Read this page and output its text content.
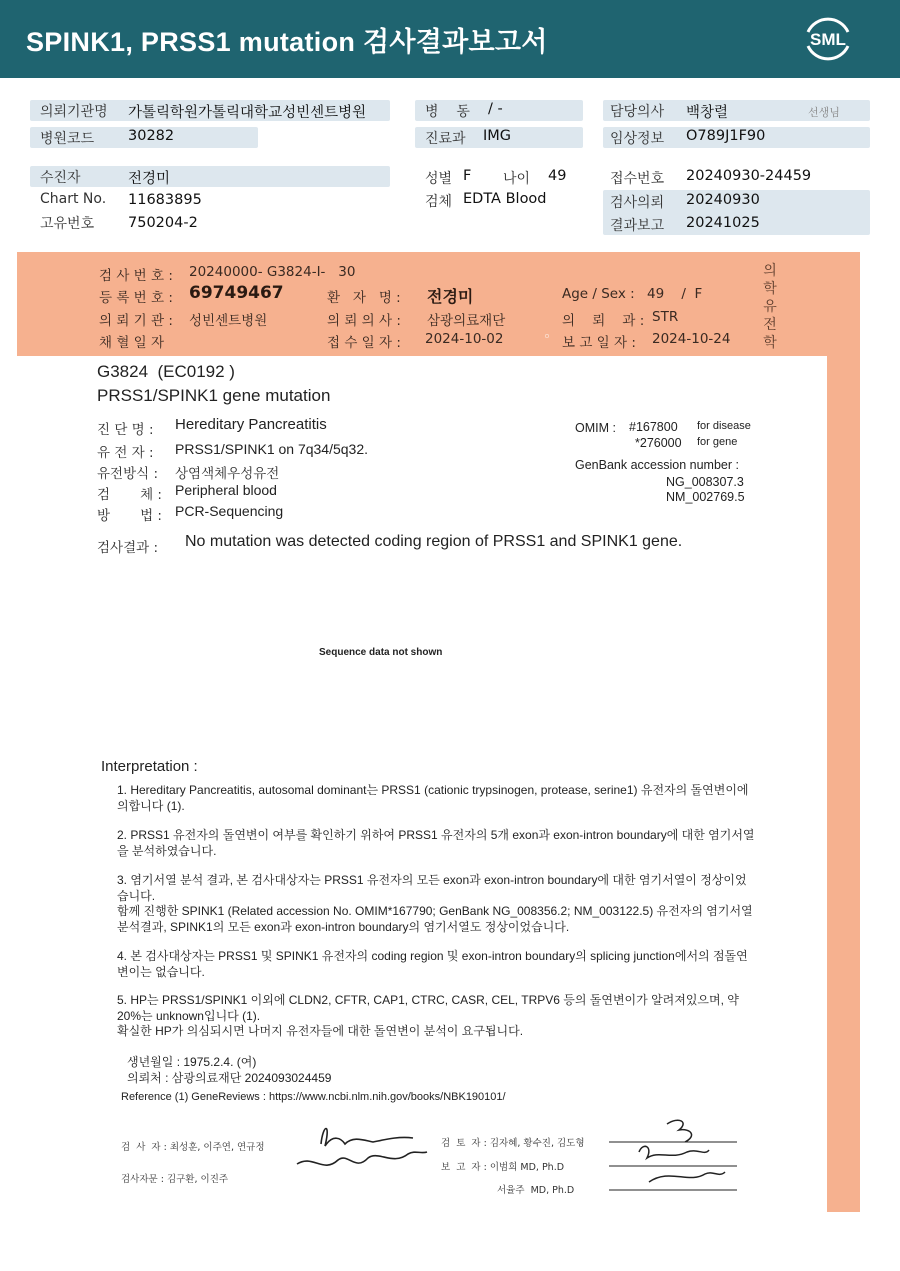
SPINK1, PRSS1 mutation 검사결과보고서	SML
의뢰기관명 가톨릭학원가톨릭대학교성빈센트병원	병    동 / -	담당의사 백창렬	선생님
병원코드 30282	진료과 IMG	임상정보 O789J1F90
수진자	전경미	성별 F 나이 49	접수번호 20240930-24459
Chart No. 11683895	검체 EDTA Blood	검사의뢰 20240930
고유번호 750204-2	결과보고 20241025
검 사 번 호 : 20240000- G3824-I-   30
등 록 번 호 : 69749467	환   자   명 : 전경미	Age / Sex : 49    /  F
의 뢰 기 관 : 성빈센트병원	의 뢰 의 사 : 삼광의료재단	의    뢰    과 : STR
채 혈 일 자	접 수 일 자 : 2024-10-02	◦ 보 고 일 자 : 2024-10-24
의
학
유
전
학
G3824  (EC0192 )
PRSS1/SPINK1 gene mutation
진 단 명 : Hereditary Pancreatitis
유 전 자 : PRSS1/SPINK1 on 7q34/5q32.
유전방식 : 상염색체우성유전
검       체 : Peripheral blood
방       법 : PCR-Sequencing
OMIM : #167800 for disease
*276000 for gene
GenBank accession number :
NG_008307.3
NM_002769.5
검사결과 : No mutation was detected coding region of PRSS1 and SPINK1 gene.
Sequence data not shown
Interpretation :
1. Hereditary Pancreatitis, autosomal dominant는 PRSS1 (cationic trypsinogen, protease, serine1) 유전자의 돌연변이에 의합니다 (1).
2. PRSS1 유전자의 돌연변이 여부를 확인하기 위하여 PRSS1 유전자의 5개 exon과 exon-intron boundary에 대한 염기서열을 분석하였습니다.
3. 염기서열 분석 결과, 본 검사대상자는 PRSS1 유전자의 모든 exon과 exon-intron boundary에 대한 염기서열이 정상이었습니다.
함께 진행한 SPINK1 (Related accession No. OMIM*167790; GenBank NG_008356.2; NM_003122.5) 유전자의 염기서열 분석결과, SPINK1의 모든 exon과 exon-intron boundary의 염기서열도 정상이었습니다.
4. 본 검사대상자는 PRSS1 및 SPINK1 유전자의 coding region 및 exon-intron boundary의 splicing junction에서의 점돌연변이는 없습니다.
5. HP는 PRSS1/SPINK1 이외에 CLDN2, CFTR, CAP1, CTRC, CASR, CEL, TRPV6 등의 돌연변이가 알려져있으며, 약 20%는 unknown입니다 (1).
확실한 HP가 의심되시면 나머지 유전자들에 대한 돌연변이 분석이 요구됩니다.
생년월일 : 1975.2.4. (여)
의뢰처 : 삼광의료재단 2024093024459
Reference (1) GeneReviews : https://www.ncbi.nlm.nih.gov/books/NBK190101/
검  사  자 : 최성훈, 이주연, 연규정
검사자문 : 김구환, 이진주
검  토  자 : 김자혜, 황수진, 김도형
보  고  자 : 이범희 MD, Ph.D
서율주  MD, Ph.D
